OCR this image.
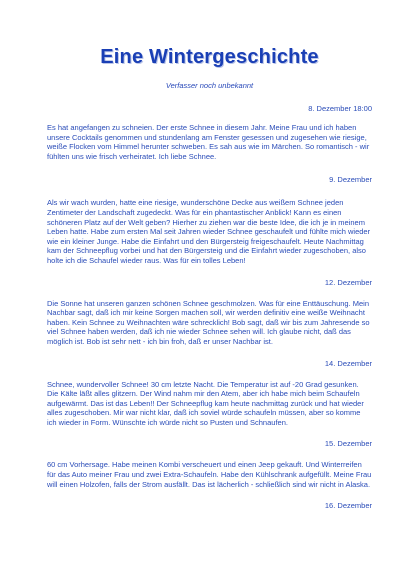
Eine Wintergeschichte

Verfasser noch unbekannt

8. Dezember 18:00

Es hat angefangen zu schneien. Der erste Schnee in diesem Jahr. Meine Frau und ich haben unsere Cocktails genommen und stundenlang am Fenster gesessen und zugesehen wie riesige, weiße Flocken vom Himmel herunter schweben. Es sah aus wie im Märchen. So romantisch - wir fühlten uns wie frisch verheiratet. Ich liebe Schnee.

9. Dezember

Als wir wach wurden, hatte eine riesige, wunderschöne Decke aus weißem Schnee jeden Zentimeter der Landschaft zugedeckt. Was für ein phantastischer Anblick! Kann es einen schöneren Platz auf der Welt geben? Hierher zu ziehen war die beste Idee, die ich je in meinem Leben hatte. Habe zum ersten Mal seit Jahren wieder Schnee geschaufelt und fühlte mich wieder wie ein kleiner Junge. Habe die Einfahrt und den Bürgersteig freigeschaufelt. Heute Nachmittag kam der Schneepflug vorbei und hat den Bürgersteig und die Einfahrt wieder zugeschoben, also holte ich die Schaufel wieder raus. Was für ein tolles Leben!

12. Dezember

Die Sonne hat unseren ganzen schönen Schnee geschmolzen. Was für eine Enttäuschung. Mein Nachbar sagt, daß ich mir keine Sorgen machen soll, wir werden definitiv eine weiße Weihnacht haben. Kein Schnee zu Weihnachten wäre schrecklich! Bob sagt, daß wir bis zum Jahresende so viel Schnee haben werden, daß ich nie wieder Schnee sehen will. Ich glaube nicht, daß das möglich ist. Bob ist sehr nett - ich bin froh, daß er unser Nachbar ist.

14. Dezember

Schnee, wundervoller Schnee! 30 cm letzte Nacht. Die Temperatur ist auf -20 Grad gesunken. Die Kälte läßt alles glitzern. Der Wind nahm mir den Atem, aber ich habe mich beim Schaufeln aufgewärmt. Das ist das Leben!! Der Schneepflug kam heute nachmittag zurück und hat wieder alles zugeschoben. Mir war nicht klar, daß ich soviel würde schaufeln müssen, aber so komme ich wieder in Form. Wünschte ich würde nicht so Pusten und Schnaufen.

15. Dezember

60 cm Vorhersage. Habe meinen Kombi verscheuert und einen Jeep gekauft. Und Winterreifen für das Auto meiner Frau und zwei Extra-Schaufeln. Habe den Kühlschrank aufgefüllt. Meine Frau will einen Holzofen, falls der Strom ausfällt. Das ist lächerlich - schließlich sind wir nicht in Alaska.

16. Dezember
